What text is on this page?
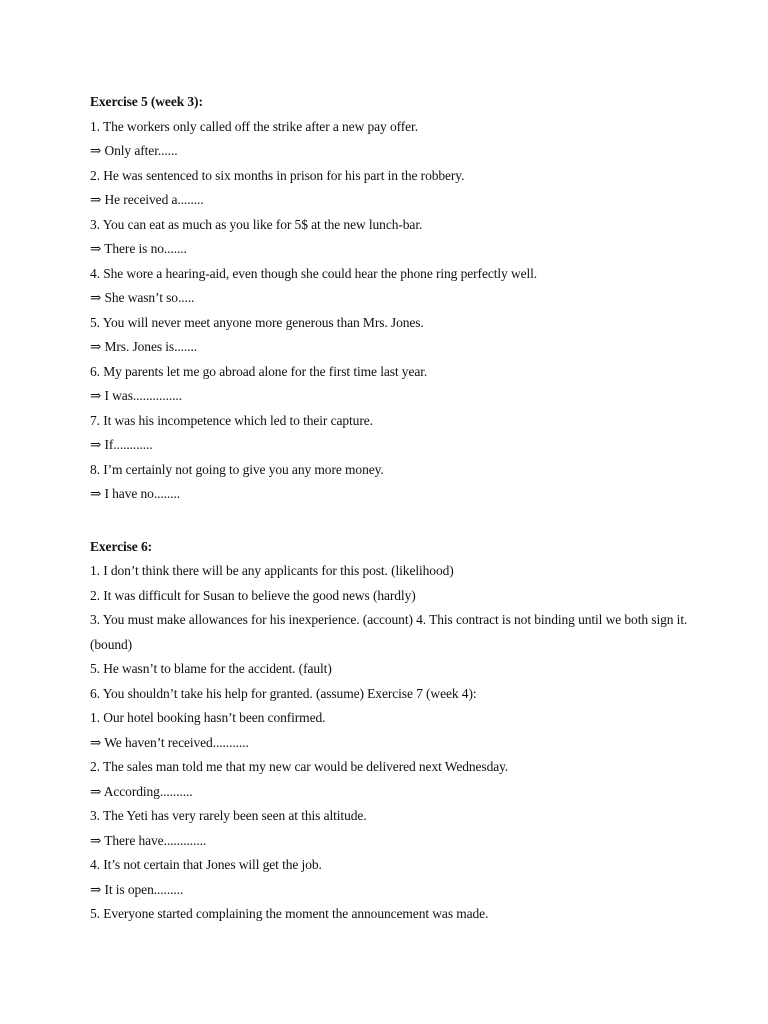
Exercise 5 (week 3):
1. The workers only called off the strike after a new pay offer.
⇒ Only after......
2. He was sentenced to six months in prison for his part in the robbery.
⇒ He received a........
3. You can eat as much as you like for 5$ at the new lunch-bar.
⇒ There is no.......
4. She wore a hearing-aid, even though she could hear the phone ring perfectly well.
⇒ She wasn’t so.....
5. You will never meet anyone more generous than Mrs. Jones.
⇒ Mrs. Jones is.......
6. My parents let me go abroad alone for the first time last year.
⇒ I was...............
7. It was his incompetence which led to their capture.
⇒ If............
8. I’m certainly not going to give you any more money.
⇒ I have no........
Exercise 6:
1. I don’t think there will be any applicants for this post. (likelihood)
2. It was difficult for Susan to believe the good news (hardly)
3. You must make allowances for his inexperience. (account) 4. This contract is not binding until we both sign it. (bound)
5. He wasn’t to blame for the accident. (fault)
6. You shouldn’t take his help for granted. (assume) Exercise 7 (week 4):
1. Our hotel booking hasn’t been confirmed.
⇒ We haven’t received...........
2. The sales man told me that my new car would be delivered next Wednesday.
⇒ According..........
3. The Yeti has very rarely been seen at this altitude.
⇒ There have.............
4. It’s not certain that Jones will get the job.
⇒ It is open.........
5. Everyone started complaining the moment the announcement was made.
